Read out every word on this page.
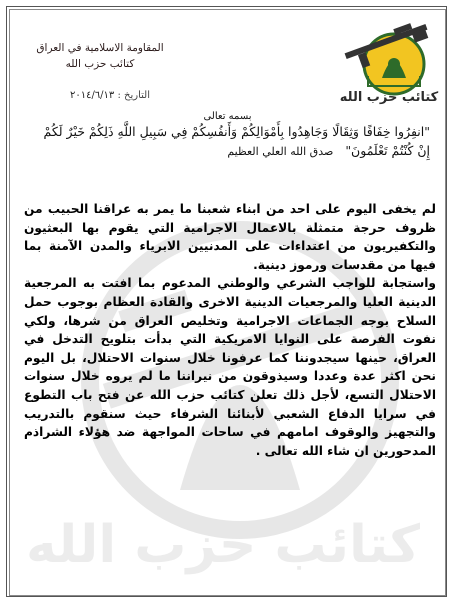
كتائب حزب الله
كتائب حزب الله
المقاومة الاسلامية في العراق
كتائب حزب الله
التاريخ : ٢٠١٤/٦/١٣
بسمه تعالى
"انفِرُوا خِفَافًا وَثِقَالًا وَجَاهِدُوا بِأَمْوَالِكُمْ وَأَنفُسِكُمْ فِي سَبِيلِ اللَّهِ ذَلِكُمْ خَيْرٌ لَكُمْ إِنْ كُنْتُمْ تَعْلَمُونَ" صدق الله العلي العظيم

لم يخفى اليوم على احد من ابناء شعبنا ما يمر به عراقنا الحبيب من ظروف حرجة متمثلة بالاعمال الاجرامية التي يقوم بها البعثيون والتكفيريون من اعتداءات على المدنيين الابرياء والمدن الآمنة بما فيها من مقدسات ورموز دينية.

واستجابة للواجب الشرعي والوطني المدعوم بما افتت به المرجعية الدينية العليا والمرجعيات الدينية الاخرى والقادة العظام بوجوب حمل السلاح بوجه الجماعات الاجرامية وتخليص العراق من شرها، ولكي نفوت الفرصة على النوايا الامريكية التي بدأت بتلويح التدخل في العراق، حينها سيجدوننا كما عرفونا خلال سنوات الاحتلال، بل اليوم نحن اكثر عدة وعددا وسيذوقون من نيراننا ما لم يروه خلال سنوات الاحتلال التسع، لأجل ذلك تعلن كتائب حزب الله عن فتح باب التطوع في سرايا الدفاع الشعبي لأبنائنا الشرفاء حيث سنقوم بالتدريب والتجهيز والوقوف امامهم في ساحات المواجهة ضد هؤلاء الشراذم المدحورين ان شاء الله تعالى .
